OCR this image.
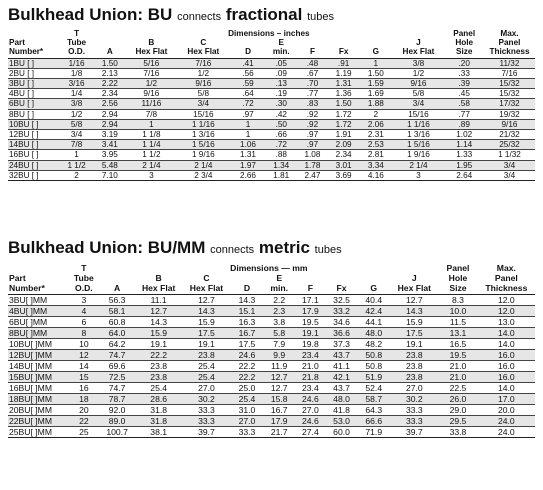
Bulkhead Union: BU connects fractional tubes
	T	Dimensions – inches									Panel	Max.
Part	Tube		B	C		E				J	Hole	Panel
Number*	O.D.	A	Hex Flat	Hex Flat	D	min.	F	Fx	G	Hex Flat	Size	Thickness
1BU [ ]	1/16	1.50	5/16	7/16	.41	.05	.48	.91	1	3/8	.20	11/32
2BU [ ]	1/8	2.13	7/16	1/2	.56	.09	.67	1.19	1.50	1/2	.33	7/16
3BU [ ]	3/16	2.22	1/2	9/16	.59	.13	.70	1.31	1.59	9/16	.39	15/32
4BU [ ]	1/4	2.34	9/16	5/8	.64	.19	.77	1.36	1.69	5/8	.45	15/32
6BU [ ]	3/8	2.56	11/16	3/4	.72	.30	.83	1.50	1.88	3/4	.58	17/32
8BU [ ]	1/2	2.94	7/8	15/16	.97	.42	.92	1.72	2	15/16	.77	19/32
10BU [ ]	5/8	2.94	1	1 1/16	1	.50	.92	1.72	2.06	1 1/16	.89	9/16
12BU [ ]	3/4	3.19	1 1/8	1 3/16	1	.66	.97	1.91	2.31	1 3/16	1.02	21/32
14BU [ ]	7/8	3.41	1 1/4	1 5/16	1.06	.72	.97	2.09	2.53	1 5/16	1.14	25/32
16BU [ ]	1	3.95	1 1/2	1 9/16	1.31	.88	1.08	2.34	2.81	1 9/16	1.33	1 1/32
24BU [ ]	1 1/2	5.48	2 1/4	2 1/4	1.97	1.34	1.78	3.01	3.34	2 1/4	1.95	3/4
32BU [ ]	2	7.10	3	2 3/4	2.66	1.81	2.47	3.69	4.16	3	2.64	3/4
Bulkhead Union: BU/MM connects metric tubes
	T	Dimensions — mm									Panel	Max.
Part	Tube		B	C		E				J	Hole	Panel
Number*	O.D.	A	Hex Flat	Hex Flat	D	min.	F	Fx	G	Hex Flat	Size	Thickness
3BU[ ]MM	3	56.3	11.1	12.7	14.3	2.2	17.1	32.5	40.4	12.7	8.3	12.0
4BU[ ]MM	4	58.1	12.7	14.3	15.1	2.3	17.9	33.2	42.4	14.3	10.0	12.0
6BU[ ]MM	6	60.8	14.3	15.9	16.3	3.8	19.5	34.6	44.1	15.9	11.5	13.0
8BU[ ]MM	8	64.0	15.9	17.5	16.7	5.8	19.1	36.6	48.0	17.5	13.1	14.0
10BU[ ]MM	10	64.2	19.1	19.1	17.5	7.9	19.8	37.3	48.2	19.1	16.5	14.0
12BU[ ]MM	12	74.7	22.2	23.8	24.6	9.9	23.4	43.7	50.8	23.8	19.5	16.0
14BU[ ]MM	14	69.6	23.8	25.4	22.2	11.9	21.0	41.1	50.8	23.8	21.0	16.0
15BU[ ]MM	15	72.5	23.8	25.4	22.2	12.7	21.8	42.1	51.9	23.8	21.0	16.0
16BU[ ]MM	16	74.7	25.4	27.0	25.0	12.7	23.4	43.7	52.4	27.0	22.5	14.0
18BU[ ]MM	18	78.7	28.6	30.2	25.4	15.8	24.6	48.0	58.7	30.2	26.0	17.0
20BU[ ]MM	20	92.0	31.8	33.3	31.0	16.7	27.0	41.8	64.3	33.3	29.0	20.0
22BU[ ]MM	22	89.0	31.8	33.3	27.0	17.9	24.6	53.0	66.6	33.3	29.5	24.0
25BU[ ]MM	25	100.7	38.1	39.7	33.3	21.7	27.4	60.0	71.9	39.7	33.8	24.0
